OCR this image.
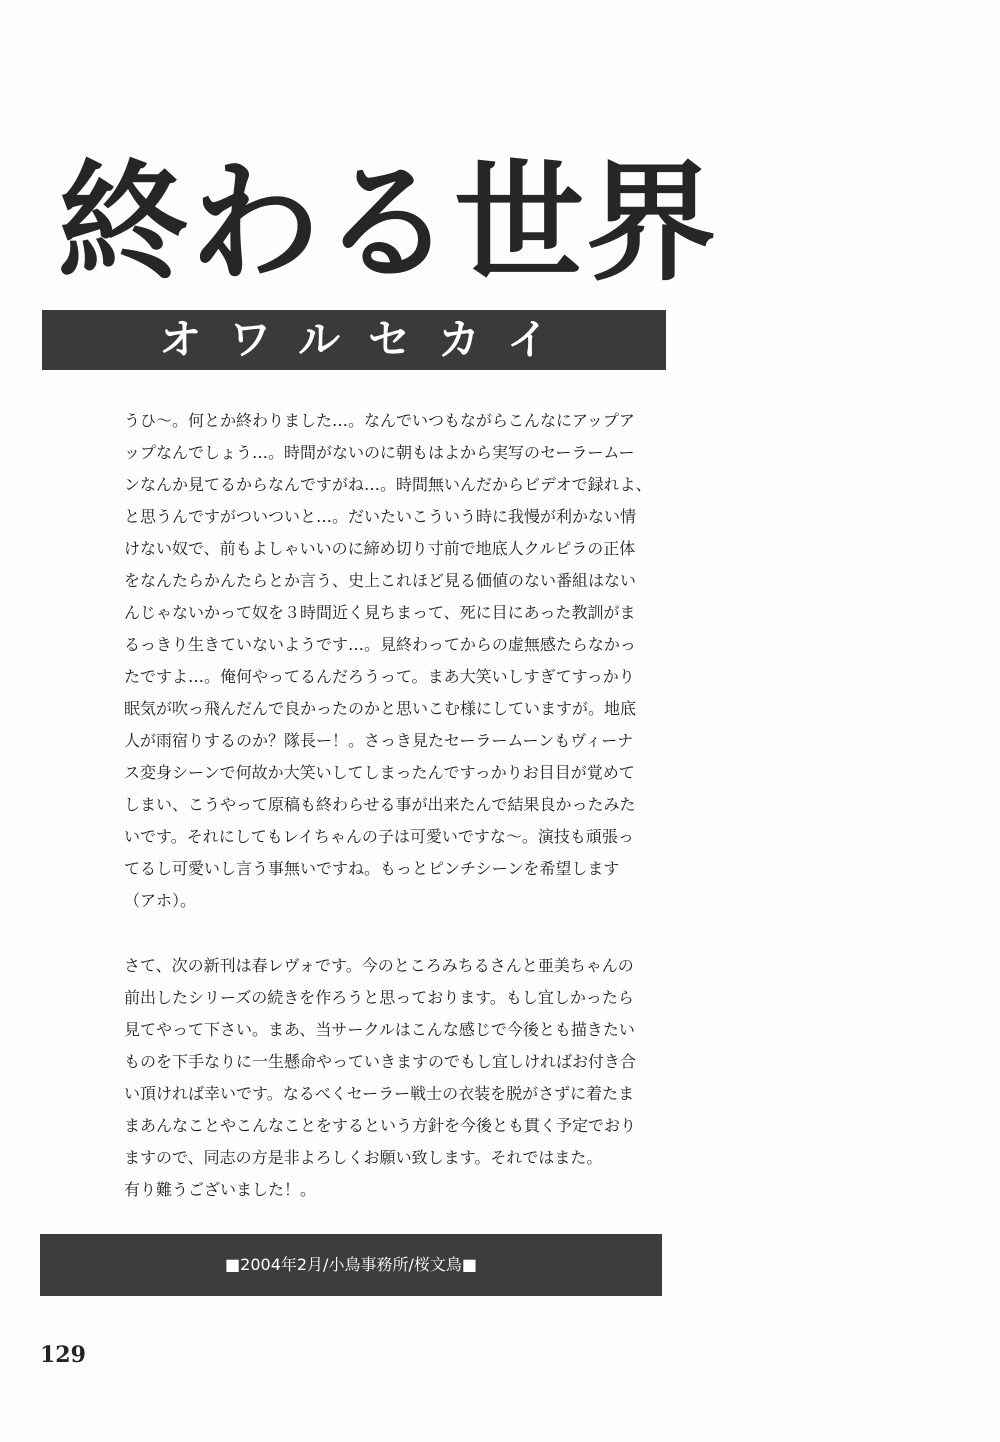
終わる世界
オワルセカイ

うひ〜。何とか終わりました…。なんでいつもながらこんなにアップア

ップなんでしょう…。時間がないのに朝もはよから実写のセーラームー

ンなんか見てるからなんですがね…。時間無いんだからビデオで録れよ、

と思うんですがついついと…。だいたいこういう時に我慢が利かない情

けない奴で、前もよしゃいいのに締め切り寸前で地底人クルピラの正体

をなんたらかんたらとか言う、史上これほど見る価値のない番組はない

んじゃないかって奴を３時間近く見ちまって、死に目にあった教訓がま

るっきり生きていないようです…。見終わってからの虚無感たらなかっ

たですよ…。俺何やってるんだろうって。まあ大笑いしすぎてすっかり

眠気が吹っ飛んだんで良かったのかと思いこむ様にしていますが。地底

人が雨宿りするのか？隊長ー！。さっき見たセーラームーンもヴィーナ

ス変身シーンで何故か大笑いしてしまったんですっかりお目目が覚めて

しまい、こうやって原稿も終わらせる事が出来たんで結果良かったみた

いです。それにしてもレイちゃんの子は可愛いですな〜。演技も頑張っ

てるし可愛いし言う事無いですね。もっとピンチシーンを希望します

（アホ）。

さて、次の新刊は春レヴォです。今のところみちるさんと亜美ちゃんの

前出したシリーズの続きを作ろうと思っております。もし宜しかったら

見てやって下さい。まあ、当サークルはこんな感じで今後とも描きたい

ものを下手なりに一生懸命やっていきますのでもし宜しければお付き合

い頂ければ幸いです。なるべくセーラー戦士の衣装を脱がさずに着たま

まあんなことやこんなことをするという方針を今後とも貫く予定でおり

ますので、同志の方是非よろしくお願い致します。それではまた。

有り難うございました！。

■2004年2月/小鳥事務所/桜文鳥■
129
